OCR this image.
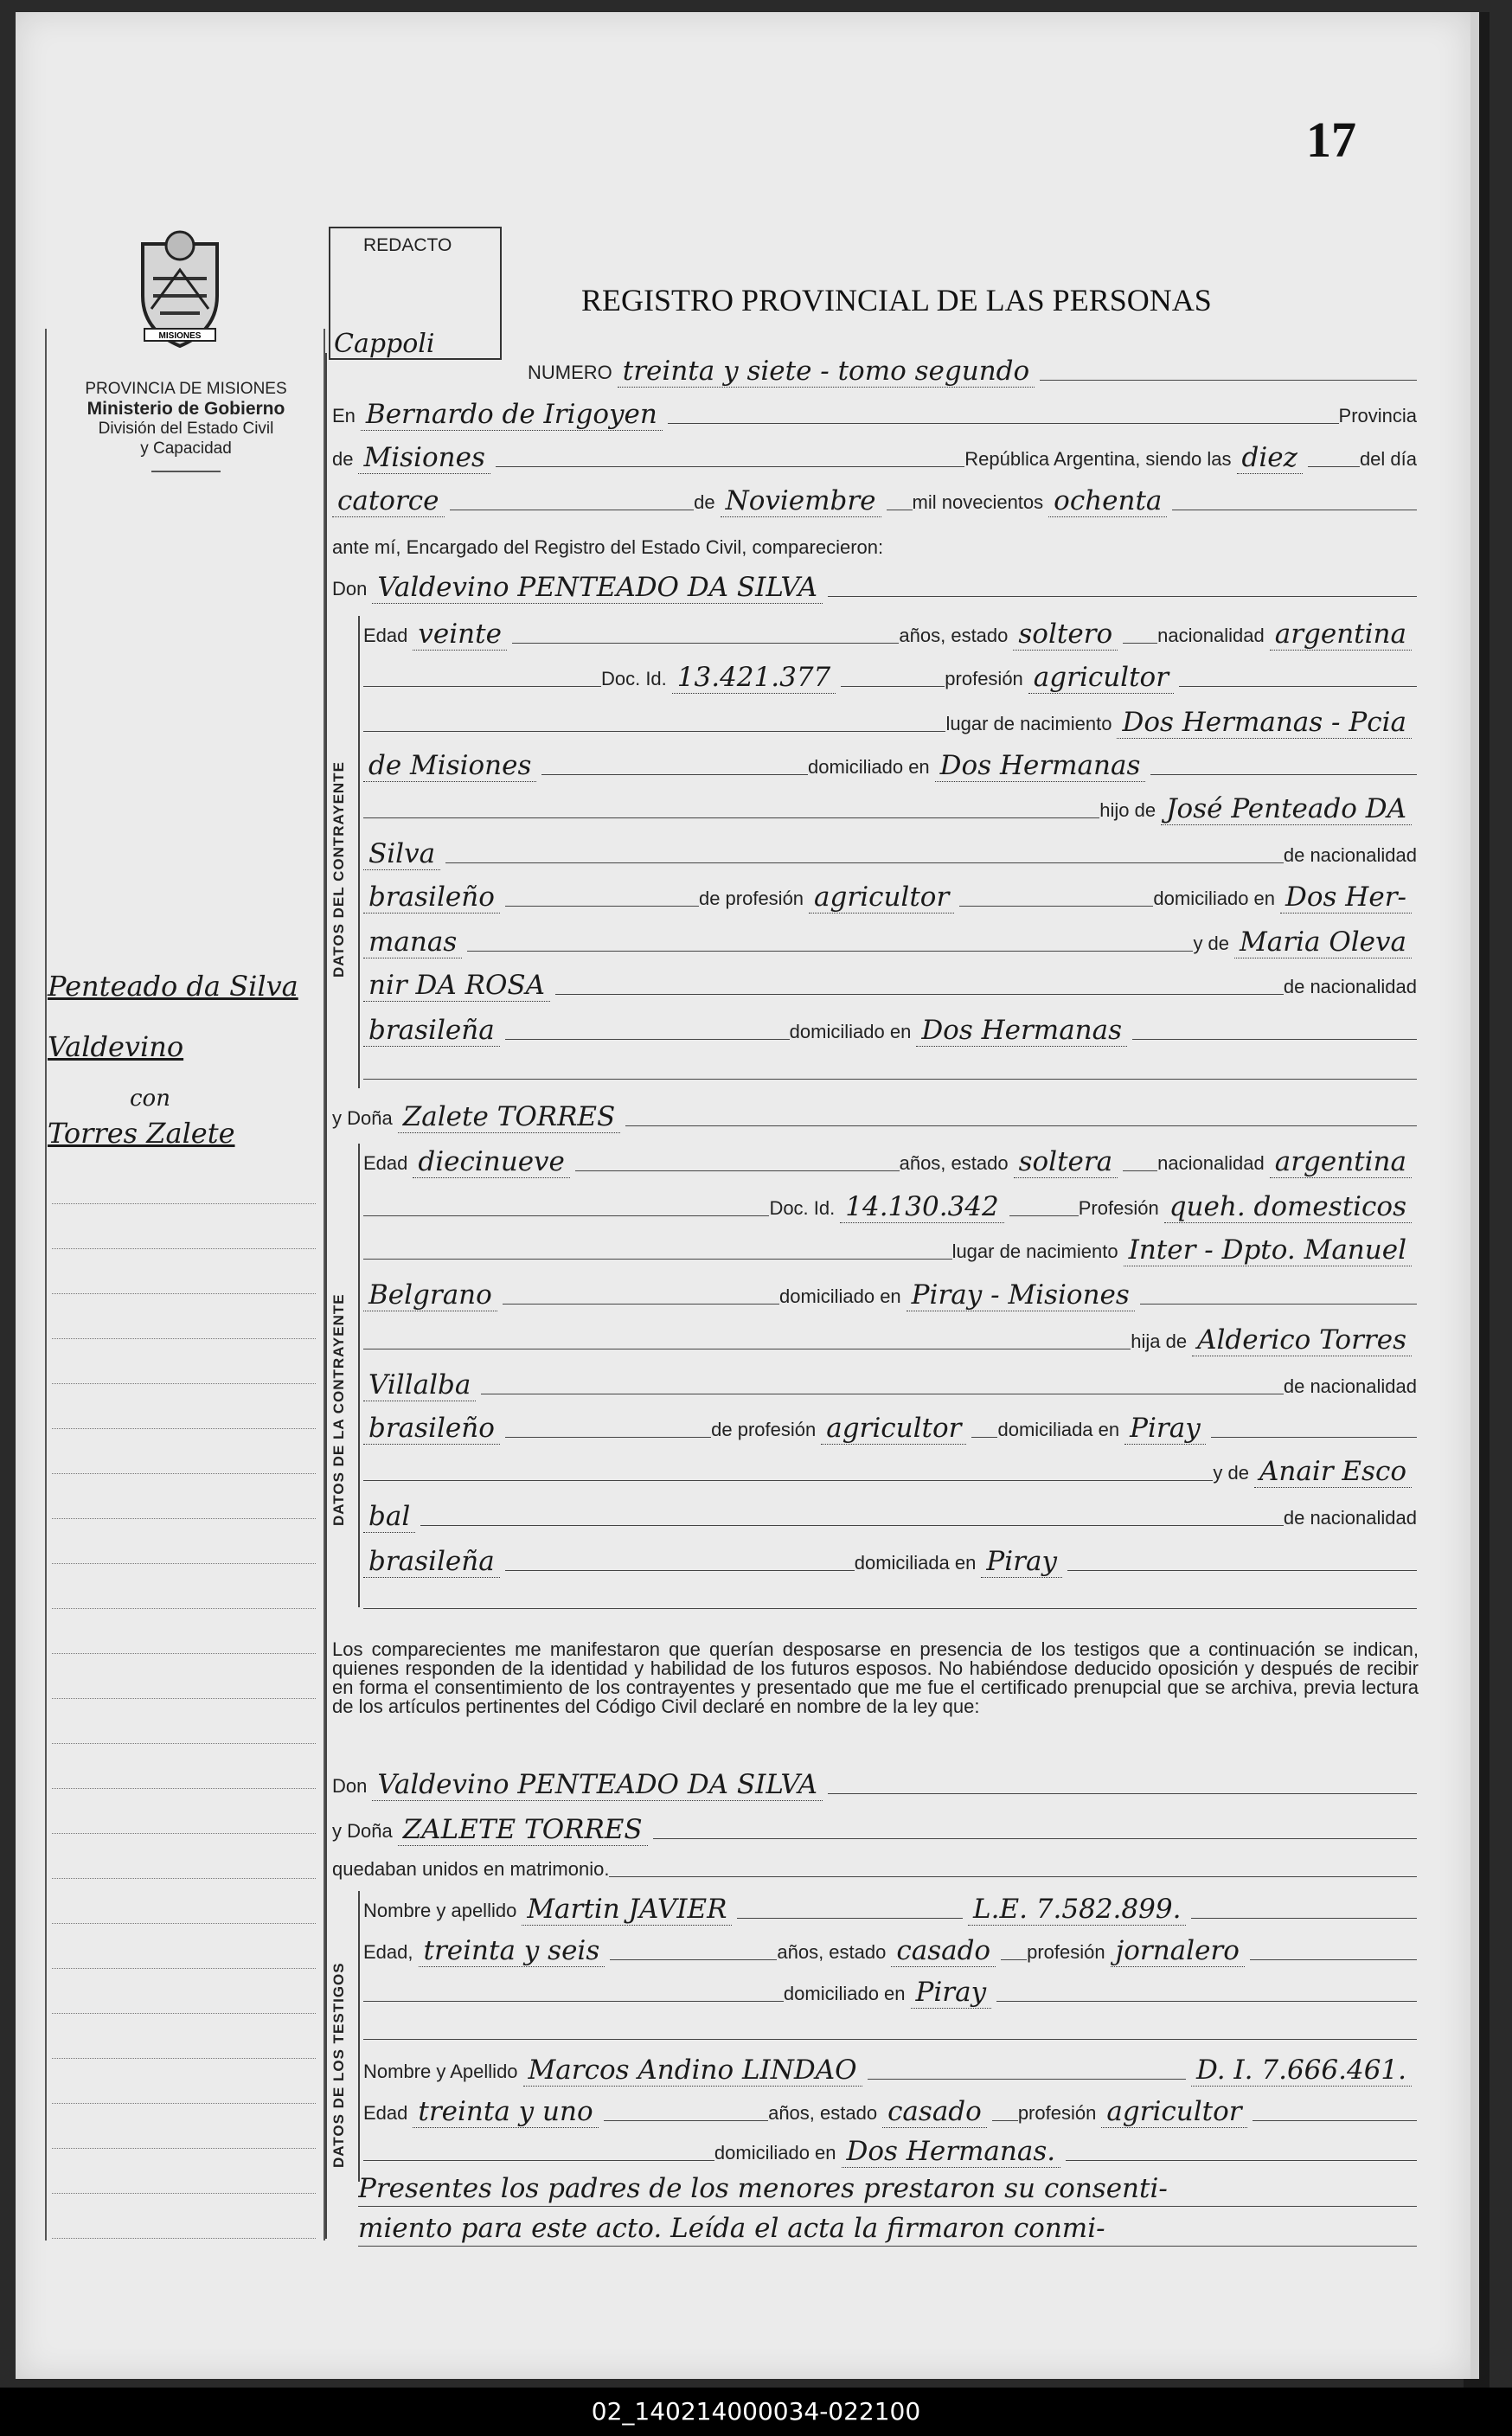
17
MISIONES
PROVINCIA DE MISIONES
Ministerio de Gobierno
División del Estado Civil
y Capacidad
Penteado da Silva
Valdevino
con
Torres Zalete
REDACTO
Cappoli
REGISTRO PROVINCIAL DE LAS PERSONAS
NUMERO treinta y siete - tomo segundo
En Bernardo de Irigoyen	Provincia
de Misiones	República Argentina, siendo las diez	del día
catorce	de Noviembre mil novecientos ochenta
ante mí, Encargado del Registro del Estado Civil, comparecieron:
Don Valdevino PENTEADO DA SILVA
DATOS DEL CONTRAYENTE
Edad veinte	años, estado soltero nacionalidad argentina
Doc. Id. 13.421.377	profesión agricultor
lugar de nacimiento Dos Hermanas - Pcia
de Misiones	domiciliado en Dos Hermanas
hijo de José Penteado DA
Silva	de nacionalidad
brasileño	de profesión agricultor	domiciliado en Dos Her-
manas	y de Maria Oleva
nir DA ROSA	de nacionalidad
brasileña	domiciliado en Dos Hermanas
y Doña Zalete TORRES
DATOS DE LA CONTRAYENTE
Edad diecinueve	años, estado soltera nacionalidad argentina
Doc. Id. 14.130.342	Profesión queh. domesticos
lugar de nacimiento Inter - Dpto. Manuel
Belgrano	domiciliado en Piray - Misiones
hija de Alderico Torres
Villalba	de nacionalidad
brasileño	de profesión agricultor domiciliada en Piray
y de Anair Esco
bal	de nacionalidad
brasileña	domiciliada en Piray
Los comparecientes me manifestaron que querían desposarse en presencia de los testigos que a continuación se indican, quienes responden de la identidad y habilidad de los futuros esposos. No habiéndose deducido oposición y después de recibir en forma el consentimiento de los contrayentes y presentado que me fue el certificado prenupcial que se archiva, previa lectura de los artículos pertinentes del Código Civil declaré en nombre de la ley que:
Don Valdevino PENTEADO DA SILVA
y Doña ZALETE TORRES
quedaban unidos en matrimonio.
DATOS DE LOS TESTIGOS
Nombre y apellido Martin JAVIER	L.E. 7.582.899.
Edad, treinta y seis	años, estado casado profesión jornalero
domiciliado en Piray
Nombre y Apellido Marcos Andino LINDAO	D. I. 7.666.461.
Edad treinta y uno	años, estado casado profesión agricultor
domiciliado en Dos Hermanas.
Presentes los padres de los menores prestaron su consenti-
miento para este acto. Leída el acta la firmaron conmi-
02_140214000034-022100
